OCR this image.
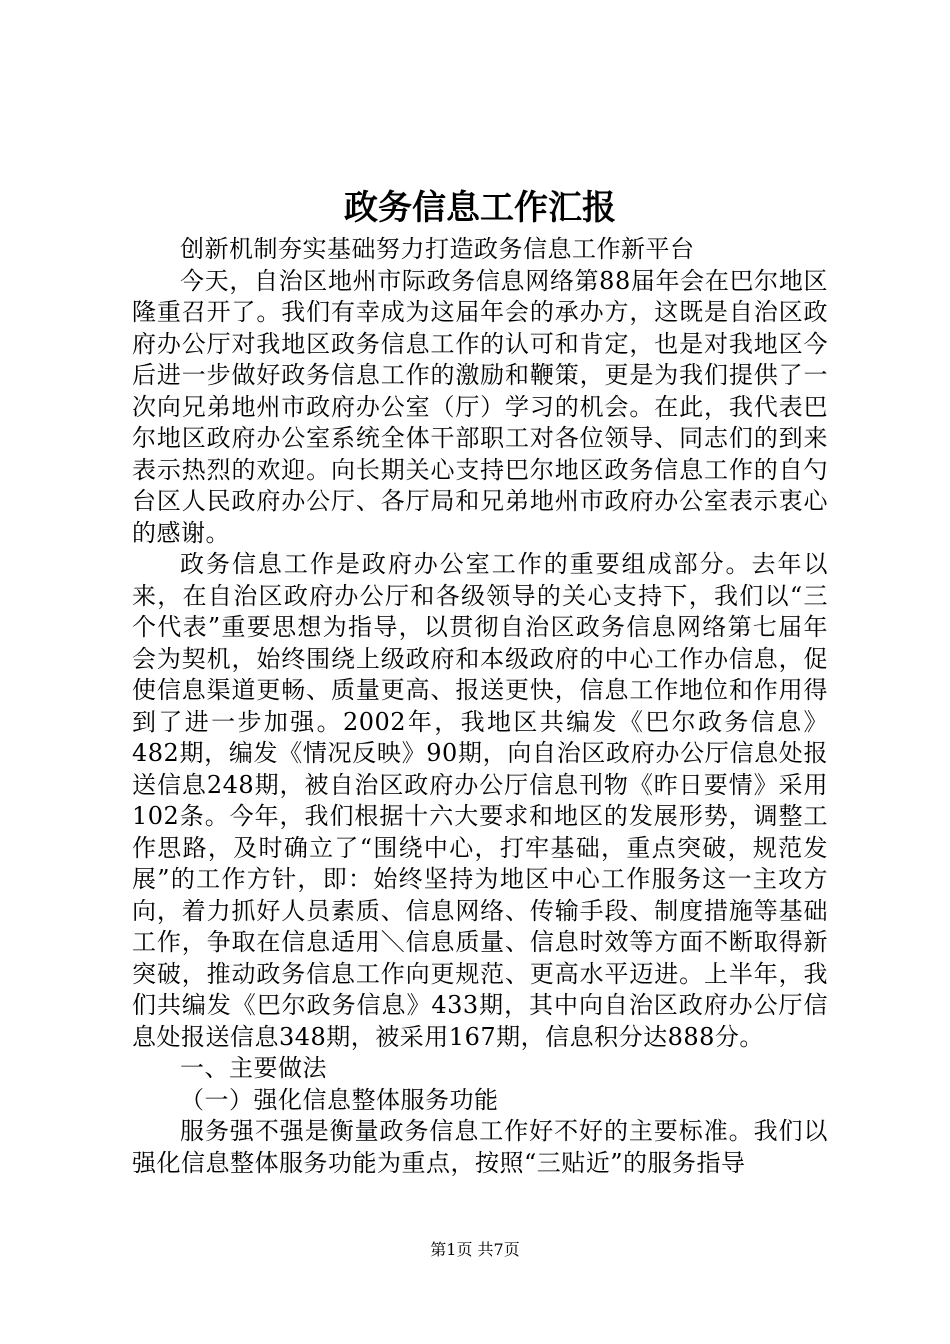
政务信息工作汇报

创新机制夯实基础努力打造政务信息工作新平台

今天，自治区地州市际政务信息网络第88届年会在巴尔地区隆重召开了。我们有幸成为这届年会的承办方，这既是自治区政府办公厅对我地区政务信息工作的认可和肯定，也是对我地区今后进一步做好政务信息工作的激励和鞭策，更是为我们提供了一次向兄弟地州市政府办公室（厅）学习的机会。在此，我代表巴尔地区政府办公室系统全体干部职工对各位领导、同志们的到来表示热烈的欢迎。向长期关心支持巴尔地区政务信息工作的自勺台区人民政府办公厅、各厅局和兄弟地州市政府办公室表示衷心的感谢。

政务信息工作是政府办公室工作的重要组成部分。去年以来，在自治区政府办公厅和各级领导的关心支持下，我们以“三个代表”重要思想为指导，以贯彻自治区政务信息网络第七届年会为契机，始终围绕上级政府和本级政府的中心工作办信息，促使信息渠道更畅、质量更高、报送更快，信息工作地位和作用得到了进一步加强。2002年，我地区共编发《巴尔政务信息》482期，编发《情况反映》90期，向自治区政府办公厅信息处报送信息248期，被自治区政府办公厅信息刊物《昨日要情》采用102条。今年，我们根据十六大要求和地区的发展形势，调整工作思路，及时确立了“围绕中心，打牢基础，重点突破，规范发展”的工作方针，即：始终坚持为地区中心工作服务这一主攻方向，着力抓好人员素质、信息网络、传输手段、制度措施等基础工作，争取在信息适用＼信息质量、信息时效等方面不断取得新突破，推动政务信息工作向更规范、更高水平迈进。上半年，我们共编发《巴尔政务信息》433期，其中向自治区政府办公厅信息处报送信息348期，被采用167期，信息积分达888分。

一、主要做法

（一）强化信息整体服务功能

服务强不强是衡量政务信息工作好不好的主要标准。我们以强化信息整体服务功能为重点，按照“三贴近”的服务指导

第1页 共7页
